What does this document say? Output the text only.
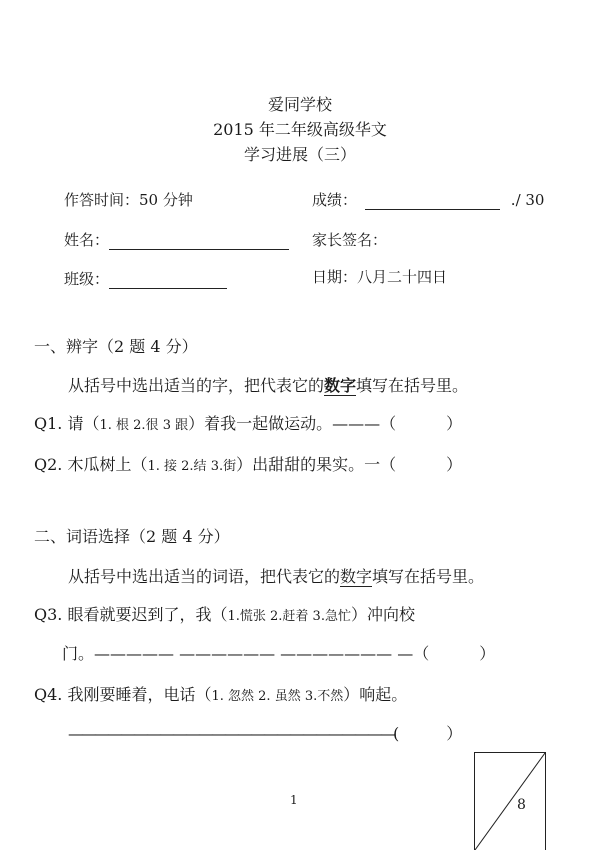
爱同学校
2015 年二年级高级华文
学习进展（三）
作答时间：50 分钟	成绩：	./ 30
姓名：	家长签名：
班级：	日期：八月二十四日
一、辨字（2 题 4 分）
从括号中选出适当的字，把代表它的数字填写在括号里。
Q1. 请（1. 根 2.很 3 跟）着我一起做运动。———（	）
Q2. 木瓜树上（1. 接 2.结 3.街）出甜甜的果实。一（	）
二、词语选择（2 题 4 分）
从括号中选出适当的词语，把代表它的数字填写在括号里。
Q3. 眼看就要迟到了，我（1.慌张 2.赶着 3.急忙）冲向校
门。————— —————— ——————— —（	）
Q4. 我刚要睡着，电话（1. 忽然 2. 虽然 3.不然）响起。
—————————————————————————(	）
1	8
